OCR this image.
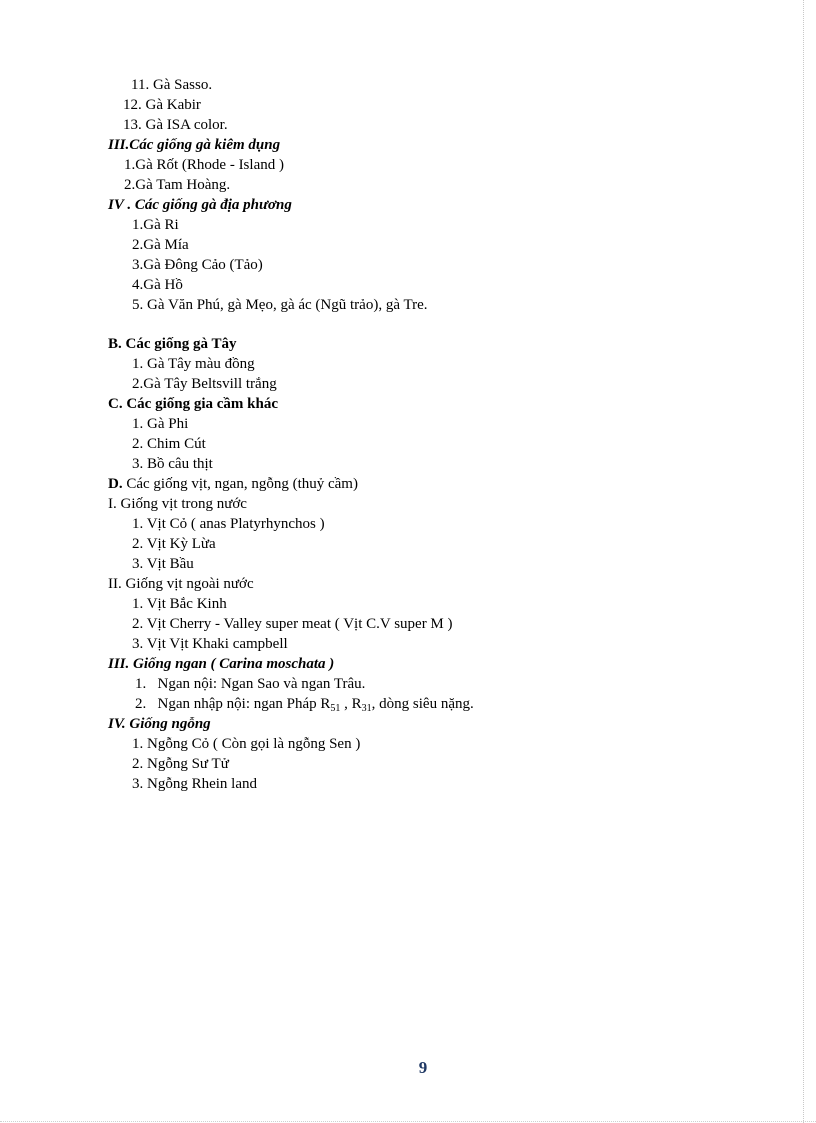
11. Gà Sasso.
12. Gà Kabir
13. Gà ISA color.
III.Các giống gà kiêm dụng
1.Gà Rốt (Rhode - Island )
2.Gà Tam Hoàng.
IV . Các giống gà địa phương
1.Gà Ri
2.Gà Mía
3.Gà Đông Cảo (Tảo)
4.Gà Hồ
5. Gà Văn Phú, gà Mẹo, gà ác (Ngũ trảo), gà Tre.
B. Các giống gà Tây
1. Gà Tây màu đồng
2.Gà Tây Beltsvill trắng
C. Các giống gia cầm khác
1. Gà Phi
2. Chim Cút
3. Bồ câu thịt
D. Các giống vịt, ngan, ngỗng (thuỷ cầm)
I. Giống vịt trong nước
1. Vịt Cỏ ( anas Platyrhynchos )
2. Vịt Kỳ Lừa
3. Vịt Bầu
II. Giống vịt ngoài nước
1. Vịt Bắc Kinh
2. Vịt Cherry - Valley super meat ( Vịt C.V super M )
3. Vịt Vịt Khaki campbell
III. Giống ngan ( Carina moschata )
1.   Ngan nội: Ngan Sao và ngan Trâu.
2.   Ngan nhập nội: ngan Pháp $R_{51}$ , $R_{31}$, dòng siêu nặng.
IV. Giống ngỗng
1. Ngỗng Cỏ ( Còn gọi là ngỗng Sen )
2. Ngỗng Sư Tử
3. Ngỗng Rhein land
9
